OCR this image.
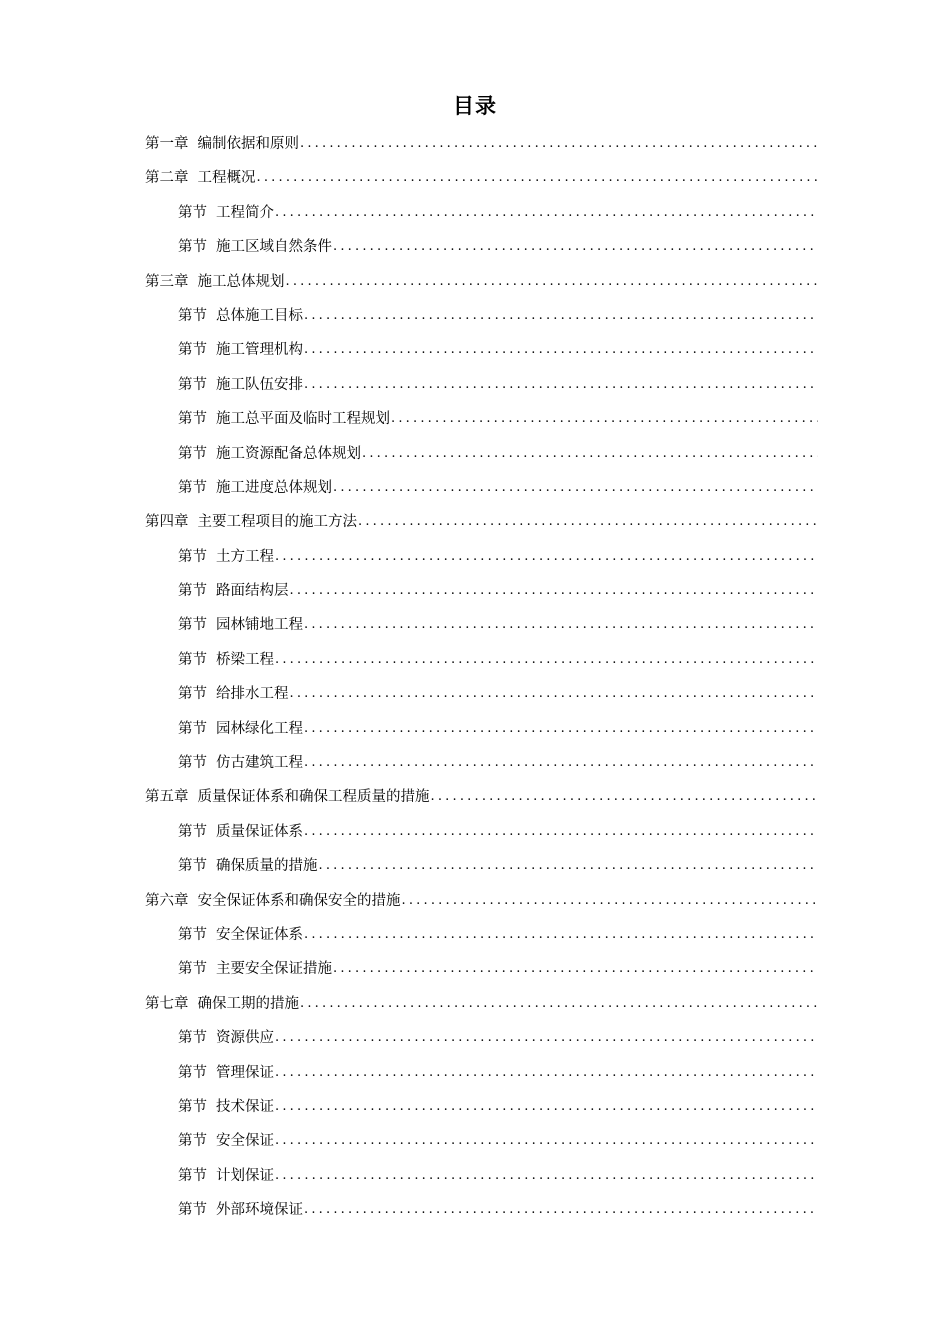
目录
第一章 编制依据和原则
.....
第二章 工程概况
.....
第节 工程简介
.....
第节 施工区域自然条件
.....
第三章 施工总体规划
.....
第节 总体施工目标
.....
第节 施工管理机构
.....
第节 施工队伍安排
.....
第节 施工总平面及临时工程规划
.....
第节 施工资源配备总体规划
.....
第节 施工进度总体规划
.....
第四章 主要工程项目的施工方法
.....
第节 土方工程
.....
第节 路面结构层
.....
第节 园林铺地工程
.....
第节 桥梁工程
.....
第节 给排水工程
.....
第节 园林绿化工程
.....
第节 仿古建筑工程
.....
第五章 质量保证体系和确保工程质量的措施
.....
第节 质量保证体系
.....
第节 确保质量的措施
.....
第六章 安全保证体系和确保安全的措施
.....
第节 安全保证体系
.....
第节 主要安全保证措施
.....
第七章 确保工期的措施
.....
第节 资源供应
.....
第节 管理保证
.....
第节 技术保证
.....
第节 安全保证
.....
第节 计划保证
.....
第节 外部环境保证
.....
